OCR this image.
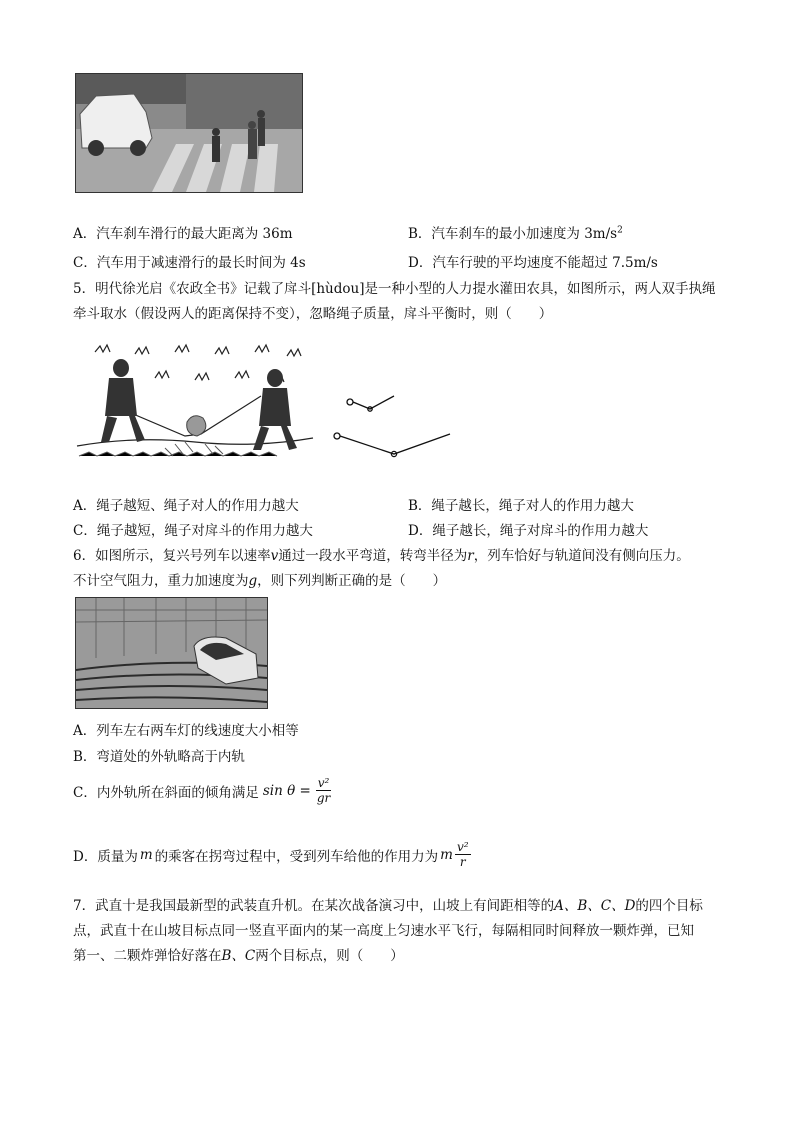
A．汽车刹车滑行的最大距离为 36m	B．汽车刹车的最小加速度为 $3m/s^2$
C．汽车用于减速滑行的最长时间为 4s	D．汽车行驶的平均速度不能超过 7.5m/s
5．明代徐光启《农政全书》记载了戽斗[hùdou]是一种小型的人力提水灌田农具，如图所示，两人双手执绳
牵斗取水（假设两人的距离保持不变），忽略绳子质量，戽斗平衡时，则（　　）
A．绳子越短、绳子对人的作用力越大	B．绳子越长，绳子对人的作用力越大
C．绳子越短，绳子对戽斗的作用力越大	D．绳子越长，绳子对戽斗的作用力越大
6．如图所示，复兴号列车以速率v通过一段水平弯道，转弯半径为r，列车恰好与轨道间没有侧向压力。
不计空气阻力，重力加速度为g，则下列判断正确的是（　　）
A．列车左右两车灯的线速度大小相等
B．弯道处的外轨略高于内轨
C．内外轨所在斜面的倾角满足 $\sin \theta = \frac{\text{v²}}{gr}$
D．质量为 m 的乘客在拐弯过程中，受到列车给他的作用力为 m $\frac{\text{v²}}{r}$
7．武直十是我国最新型的武装直升机。在某次战备演习中，山坡上有间距相等的A、B、C、D的四个目标
点，武直十在山坡目标点同一竖直平面内的某一高度上匀速水平飞行，每隔相同时间释放一颗炸弹，已知
第一、二颗炸弹恰好落在B、C两个目标点，则（　　）
